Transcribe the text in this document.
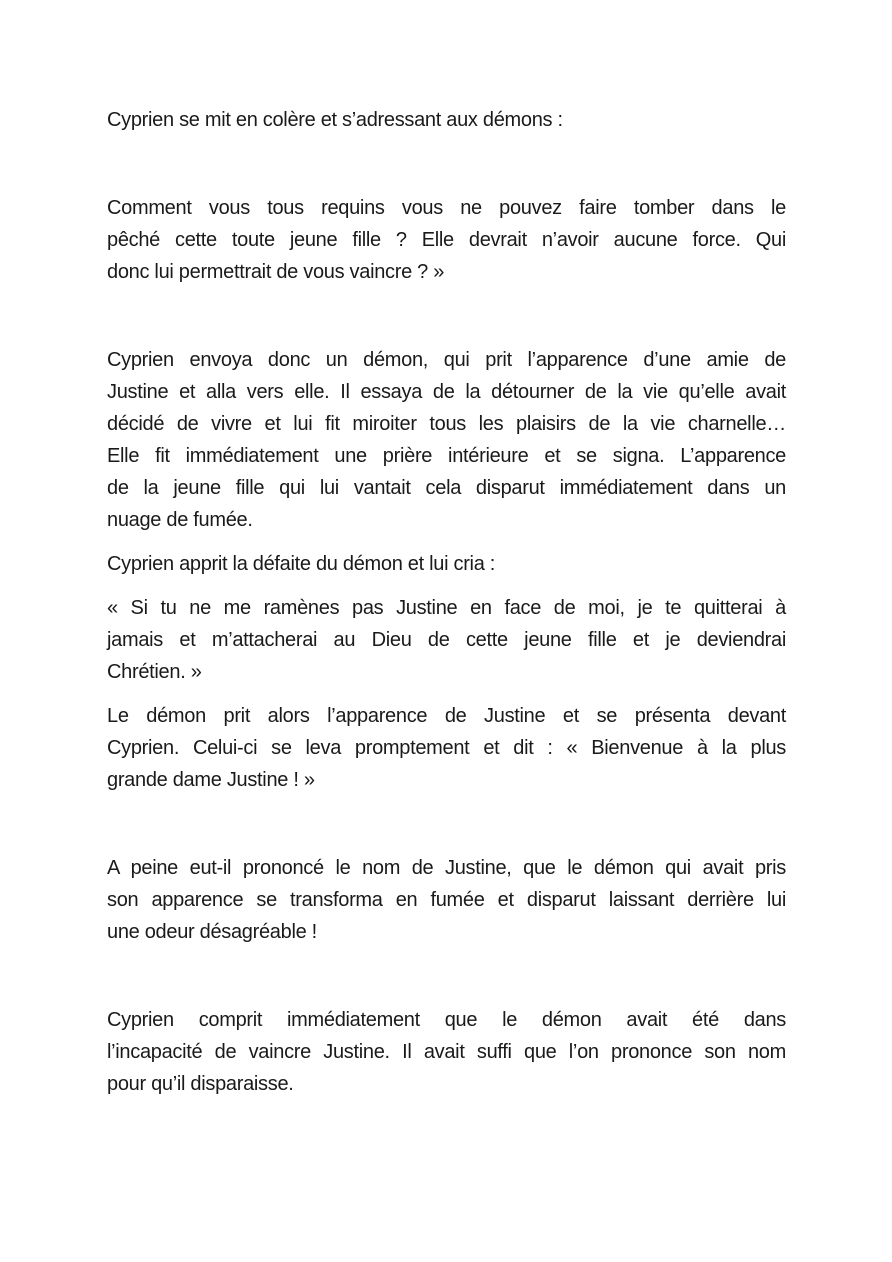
Cyprien se mit en colère et s’adressant aux démons :
Comment vous tous requins vous ne pouvez faire tomber dans le
pêché cette toute jeune fille ? Elle devrait n’avoir aucune force. Qui
donc lui permettrait de vous vaincre ? »
Cyprien envoya donc un démon, qui prit l’apparence d’une amie de
Justine et alla vers elle. Il essaya de la détourner de la vie qu’elle avait
décidé de vivre et lui fit miroiter tous les plaisirs de la vie charnelle…
Elle fit immédiatement une prière intérieure et se signa. L’apparence
de la jeune fille qui lui vantait cela disparut immédiatement dans un
nuage de fumée.
Cyprien apprit la défaite du démon et lui cria :
« Si tu ne me ramènes pas Justine en face de moi, je te quitterai à
jamais et m’attacherai au Dieu de cette jeune fille et je deviendrai
Chrétien. »
Le démon prit alors l’apparence de Justine et se présenta devant
Cyprien. Celui-ci se leva promptement et dit : « Bienvenue à la plus
grande dame Justine ! »
A peine eut-il prononcé le nom de Justine, que le démon qui avait pris
son apparence se transforma en fumée et disparut laissant derrière lui
une odeur désagréable !
Cyprien comprit immédiatement que le démon avait été dans
l’incapacité de vaincre Justine. Il avait suffi que l’on prononce son nom
pour qu’il disparaisse.
